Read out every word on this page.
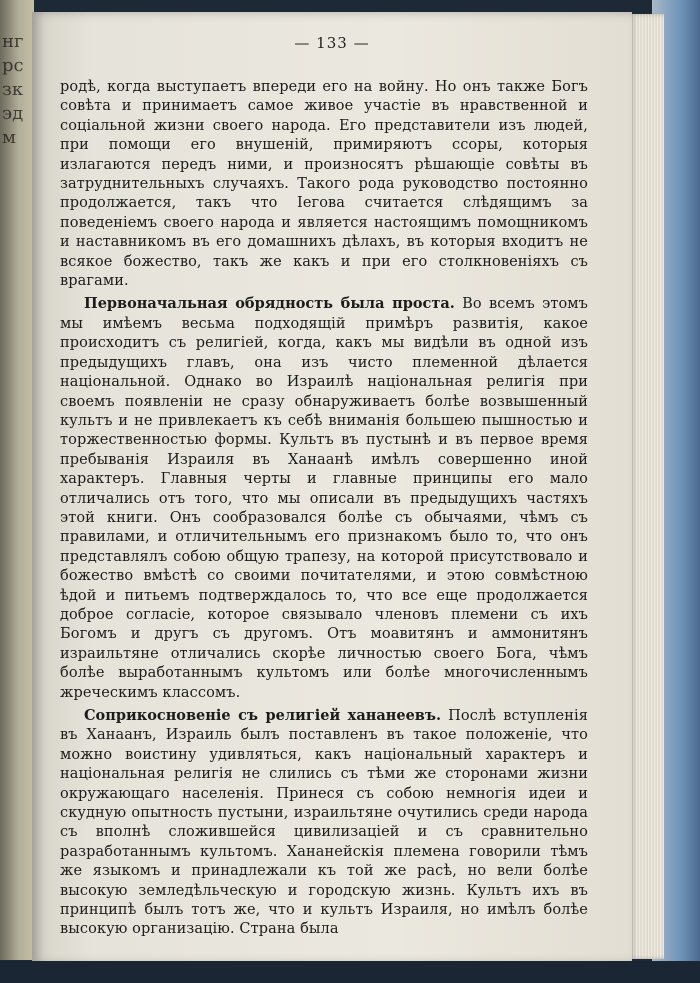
нгрсзкэдм
— 133 —

родѣ, когда выступаетъ впереди его на войну. Но онъ также Богъ совѣта и принимаетъ самое живое участіе въ нравственной и соціальной жизни своего народа. Его представители изъ людей, при помощи его внушеній, примиряютъ ссоры, которыя излагаются передъ ними, и произносятъ рѣшающіе совѣты въ затруднительныхъ случаяхъ. Такого рода руководство постоянно продолжается, такъ что Іегова считается слѣдящимъ за поведеніемъ своего народа и является настоящимъ помощникомъ и наставникомъ въ его домашнихъ дѣлахъ, въ которыя входитъ не всякое божество, такъ же какъ и при его столкновеніяхъ съ врагами.

Первоначальная обрядность была проста. Во всемъ этомъ мы имѣемъ весьма подходящій примѣръ развитія, какое происходитъ съ религіей, когда, какъ мы видѣли въ одной изъ предыдущихъ главъ, она изъ чисто племенной дѣлается національной. Однако во Израилѣ національная религія при своемъ появленіи не сразу обнаруживаетъ болѣе возвышенный культъ и не привлекаетъ къ себѣ вниманія большею пышностью и торжественностью формы. Культъ въ пустынѣ и въ первое время пребыванія Израиля въ Ханаанѣ имѣлъ совершенно иной характеръ. Главныя черты и главные принципы его мало отличались отъ того, что мы описали въ предыдущихъ частяхъ этой книги. Онъ сообразовался болѣе съ обычаями, чѣмъ съ правилами, и отличительнымъ его признакомъ было то, что онъ представлялъ собою общую трапезу, на которой присутствовало и божество вмѣстѣ со своими почитателями, и этою совмѣстною ѣдой и питьемъ подтверждалось то, что все еще продолжается доброе согласіе, которое связывало членовъ племени съ ихъ Богомъ и другъ съ другомъ. Отъ моавитянъ и аммонитянъ израильтяне отличались скорѣе личностью своего Бога, чѣмъ болѣе выработаннымъ культомъ или болѣе многочисленнымъ жреческимъ классомъ.

Соприкосновеніе съ религіей хананеевъ. Послѣ вступленія въ Ханаанъ, Израиль былъ поставленъ въ такое положеніе, что можно воистину удивляться, какъ національный характеръ и національная религія не слились съ тѣми же сторонами жизни окружающаго населенія. Принеся съ собою немногія идеи и скудную опытность пустыни, израильтяне очутились среди народа съ вполнѣ сложившейся цивилизаціей и съ сравнительно разработаннымъ культомъ. Хананейскія племена говорили тѣмъ же языкомъ и принадлежали къ той же расѣ, но вели болѣе высокую земледѣльческую и городскую жизнь. Культъ ихъ въ принципѣ былъ тотъ же, что и культъ Израиля, но имѣлъ болѣе высокую организацію. Страна была
